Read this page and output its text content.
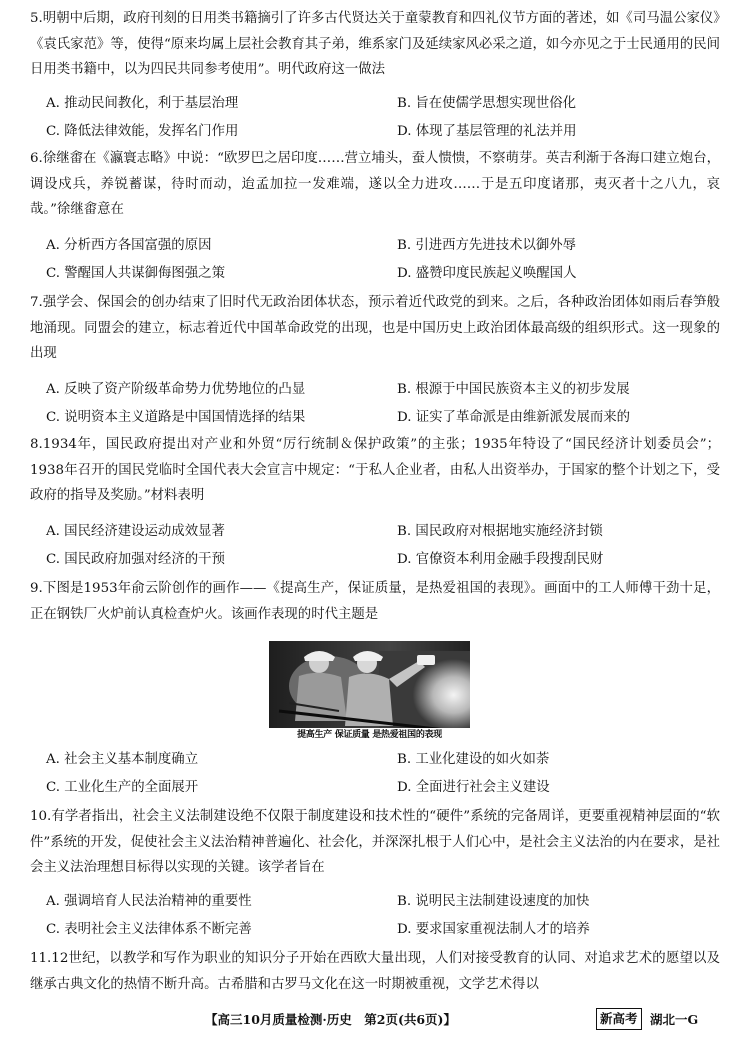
5.明朝中后期，政府刊刻的日用类书籍摘引了许多古代贤达关于童蒙教育和四礼仪节方面的著述，如《司马温公家仪》《袁氏家范》等，使得“原来均属上层社会教育其子弟，维系家门及延续家风必采之道，如今亦见之于士民通用的民间日用类书籍中，以为四民共同参考使用”。明代政府这一做法

A. 推动民间教化，利于基层治理	B. 旨在使儒学思想实现世俗化
C. 降低法律效能，发挥名门作用	D. 体现了基层管理的礼法并用

6.徐继畬在《瀛寰志略》中说：“欧罗巴之居印度……营立埔头，蚕人愦愦，不察萌芽。英吉利渐于各海口建立炮台，调设戍兵，养锐蓄谋，待时而动，迨孟加拉一发难端，遂以全力进攻……于是五印度诸那，夷灭者十之八九，哀哉。”徐继畬意在

A. 分析西方各国富强的原因	B. 引进西方先进技术以御外辱
C. 警醒国人共谋御侮图强之策	D. 盛赞印度民族起义唤醒国人

7.强学会、保国会的创办结束了旧时代无政治团体状态，预示着近代政党的到来。之后，各种政治团体如雨后春笋般地涌现。同盟会的建立，标志着近代中国革命政党的出现，也是中国历史上政治团体最高级的组织形式。这一现象的出现

A. 反映了资产阶级革命势力优势地位的凸显	B. 根源于中国民族资本主义的初步发展
C. 说明资本主义道路是中国国情选择的结果	D. 证实了革命派是由维新派发展而来的

8.1934年，国民政府提出对产业和外贸“厉行统制＆保护政策”的主张；1935年特设了“国民经济计划委员会”；1938年召开的国民党临时全国代表大会宣言中规定：“于私人企业者，由私人出资举办，于国家的整个计划之下，受政府的指导及奖励。”材料表明

A. 国民经济建设运动成效显著	B. 国民政府对根据地实施经济封锁
C. 国民政府加强对经济的干预	D. 官僚资本利用金融手段搜刮民财

9.下图是1953年俞云阶创作的画作——《提高生产，保证质量，是热爱祖国的表现》。画面中的工人师傅干劲十足，正在钢铁厂火炉前认真检查炉火。该画作表现的时代主题是

提高生产 保证质量 是热爱祖国的表现
A. 社会主义基本制度确立	B. 工业化建设的如火如荼
C. 工业化生产的全面展开	D. 全面进行社会主义建设

10.有学者指出，社会主义法制建设绝不仅限于制度建设和技术性的“硬件”系统的完备周详，更要重视精神层面的“软件”系统的开发，促使社会主义法治精神普遍化、社会化，并深深扎根于人们心中，是社会主义法治的内在要求，是社会主义法治理想目标得以实现的关键。该学者旨在

A. 强调培育人民法治精神的重要性	B. 说明民主法制建设速度的加快
C. 表明社会主义法律体系不断完善	D. 要求国家重视法制人才的培养

11.12世纪，以教学和写作为职业的知识分子开始在西欧大量出现，人们对接受教育的认同、对追求艺术的愿望以及继承古典文化的热情不断升高。古希腊和古罗马文化在这一时期被重视，文学艺术得以

【高三10月质量检测·历史　第2页(共6页)】	新高考 湖北一G
